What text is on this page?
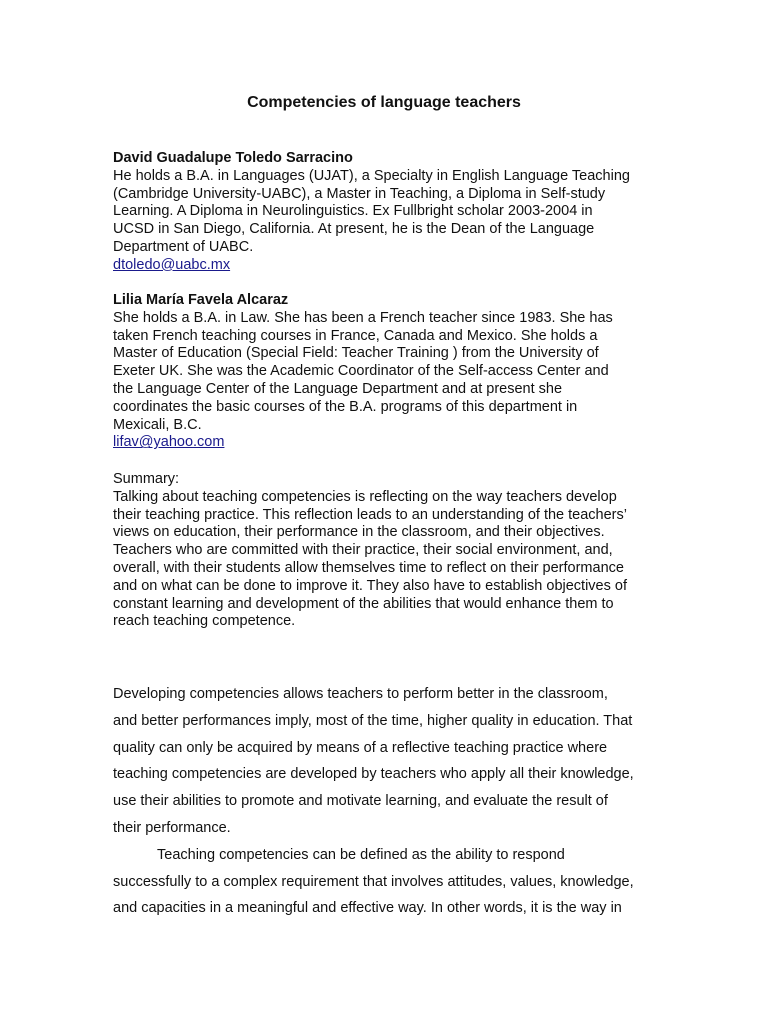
Competencies of language teachers
David Guadalupe Toledo Sarracino
He holds a B.A. in Languages (UJAT), a Specialty in English Language Teaching
(Cambridge University-UABC), a Master in Teaching, a Diploma in Self-study
Learning. A Diploma in Neurolinguistics. Ex Fullbright scholar 2003-2004 in
UCSD in San Diego, California. At present, he is the Dean of the Language
Department of UABC.
dtoledo@uabc.mx
Lilia María Favela Alcaraz
She holds a B.A. in Law. She has been a French teacher since 1983. She has
taken French teaching courses in France, Canada and Mexico. She holds a
Master of Education (Special Field: Teacher Training ) from the University of
Exeter UK. She was the Academic Coordinator of the Self-access Center and
the Language Center of the Language Department and at present she
coordinates the basic courses of the B.A. programs of this department in
Mexicali, B.C.
lifav@yahoo.com
Summary:
Talking about teaching competencies is reflecting on the way teachers develop
their teaching practice. This reflection leads to an understanding of the teachers’
views on education, their performance in the classroom, and their objectives.
Teachers who are committed with their practice, their social environment, and,
overall, with their students allow themselves time to reflect on their performance
and on what can be done to improve it. They also have to establish objectives of
constant learning and development of the abilities that would enhance them to
reach teaching competence.
Developing competencies allows teachers to perform better in the classroom,
and better performances imply, most of the time, higher quality in education. That
quality can only be acquired by means of a reflective teaching practice where
teaching competencies are developed by teachers who apply all their knowledge,
use their abilities to promote and motivate learning, and evaluate the result of
their performance.
Teaching competencies can be defined as the ability to respond
successfully to a complex requirement that involves attitudes, values, knowledge,
and capacities in a meaningful and effective way. In other words, it is the way in
